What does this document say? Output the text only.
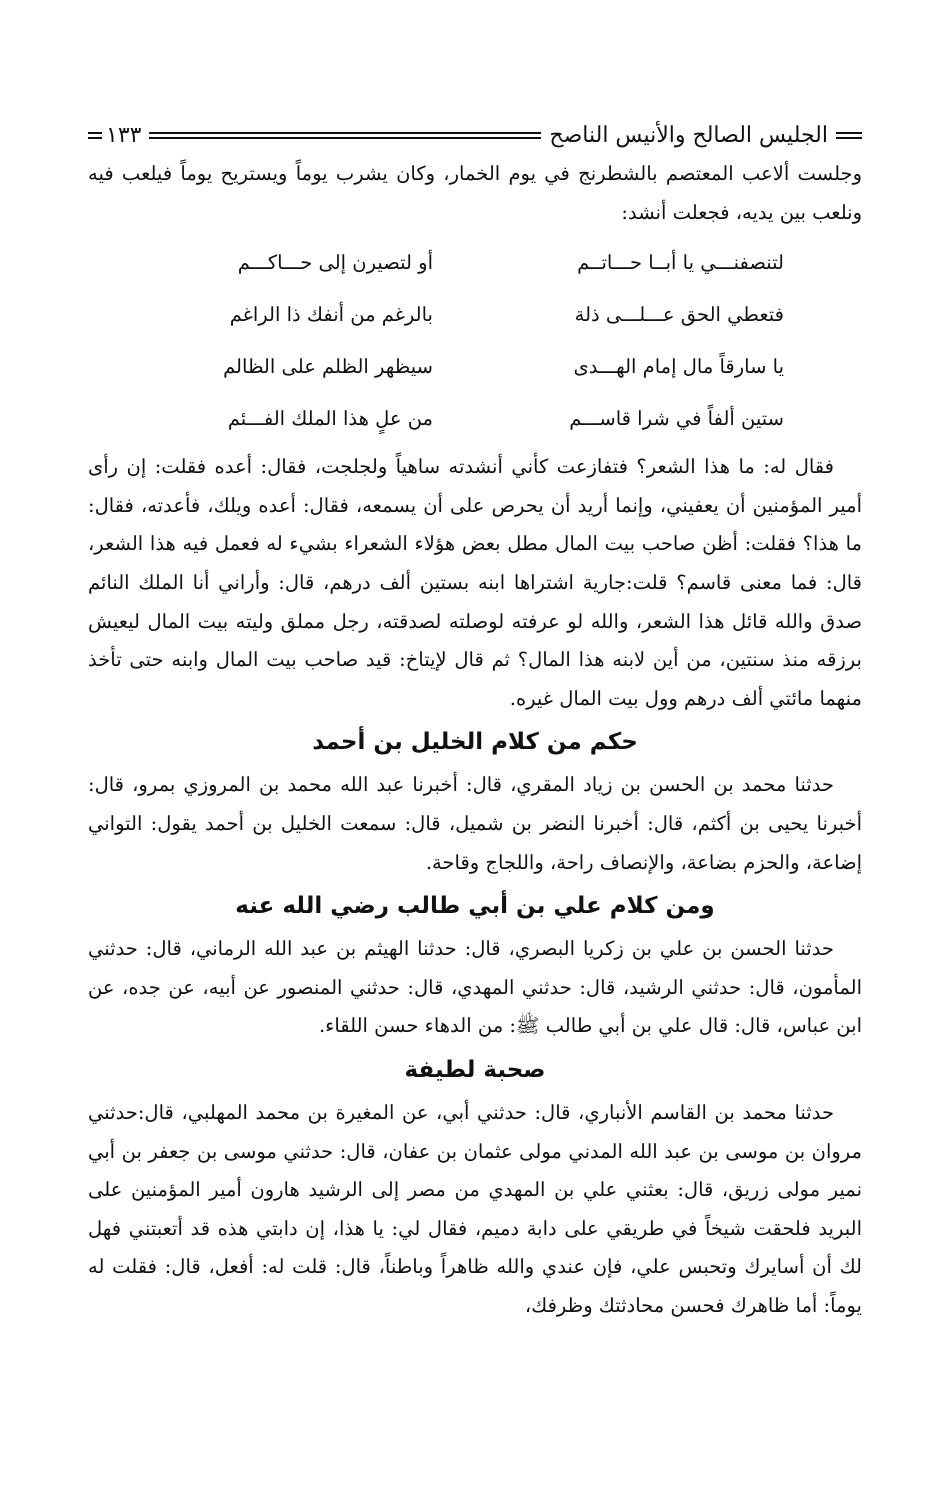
الجليس الصالح والأنيس الناصح
١٣٣

وجلست ألاعب المعتصم بالشطرنج في يوم الخمار، وكان يشرب يوماً ويستريح يوماً فيلعب فيه ونلعب بين يديه، فجعلت أنشد:

لتنصفنـــي يا أبــا حـــاتــم
أو لتصيرن إلى حـــاكـــم
فتعطي الحق عـــلـــى ذلة
بالرغم من أنفك ذا الراغم
يا سارقاً مال إمام الهـــدى
سيظهر الظلم على الظالم
ستين ألفاً في شرا قاســـم
من علٍ هذا الملك الفـــئم

فقال له: ما هذا الشعر؟ فتفازعت كأني أنشدته ساهياً ولجلجت، فقال: أعده فقلت: إن رأى أمير المؤمنين أن يعفيني، وإنما أريد أن يحرص على أن يسمعه، فقال: أعده ويلك، فأعدته، فقال: ما هذا؟ فقلت: أظن صاحب بيت المال مطل بعض هؤلاء الشعراء بشيء له فعمل فيه هذا الشعر، قال: فما معنى قاسم؟ قلت:جارية اشتراها ابنه بستين ألف درهم، قال: وأراني أنا الملك النائم صدق والله قائل هذا الشعر، والله لو عرفته لوصلته لصدقته، رجل مملق وليته بيت المال ليعيش برزقه منذ سنتين، من أين لابنه هذا المال؟ ثم قال لإيتاخ: قيد صاحب بيت المال وابنه حتى تأخذ منهما مائتي ألف درهم وول بيت المال غيره.

حكم من كلام الخليل بن أحمد

حدثنا محمد بن الحسن بن زياد المقري، قال: أخبرنا عبد الله محمد بن المروزي بمرو، قال: أخبرنا يحيى بن أكثم، قال: أخبرنا النضر بن شميل، قال: سمعت الخليل بن أحمد يقول: التواني إضاعة، والحزم بضاعة، والإنصاف راحة، واللجاج وقاحة.

ومن كلام علي بن أبي طالب رضي الله عنه

حدثنا الحسن بن علي بن زكريا البصري، قال: حدثنا الهيثم بن عبد الله الرماني، قال: حدثني المأمون، قال: حدثني الرشيد، قال: حدثني المهدي، قال: حدثني المنصور عن أبيه، عن جده، عن ابن عباس، قال: قال علي بن أبي طالب ﷺ: من الدهاء حسن اللقاء.

صحبة لطيفة

حدثنا محمد بن القاسم الأنباري، قال: حدثني أبي، عن المغيرة بن محمد المهلبي، قال:حدثني مروان بن موسى بن عبد الله المدني مولى عثمان بن عفان، قال: حدثني موسى بن جعفر بن أبي نمير مولى زريق، قال: بعثني علي بن المهدي من مصر إلى الرشيد هارون أمير المؤمنين على البريد فلحقت شيخاً في طريقي على دابة دميم، فقال لي: يا هذا، إن دابتي هذه قد أتعبتني فهل لك أن أسايرك وتحبس علي، فإن عندي والله ظاهراً وباطناً، قال: قلت له: أفعل، قال: فقلت له يوماً: أما ظاهرك فحسن محادثتك وظرفك،
